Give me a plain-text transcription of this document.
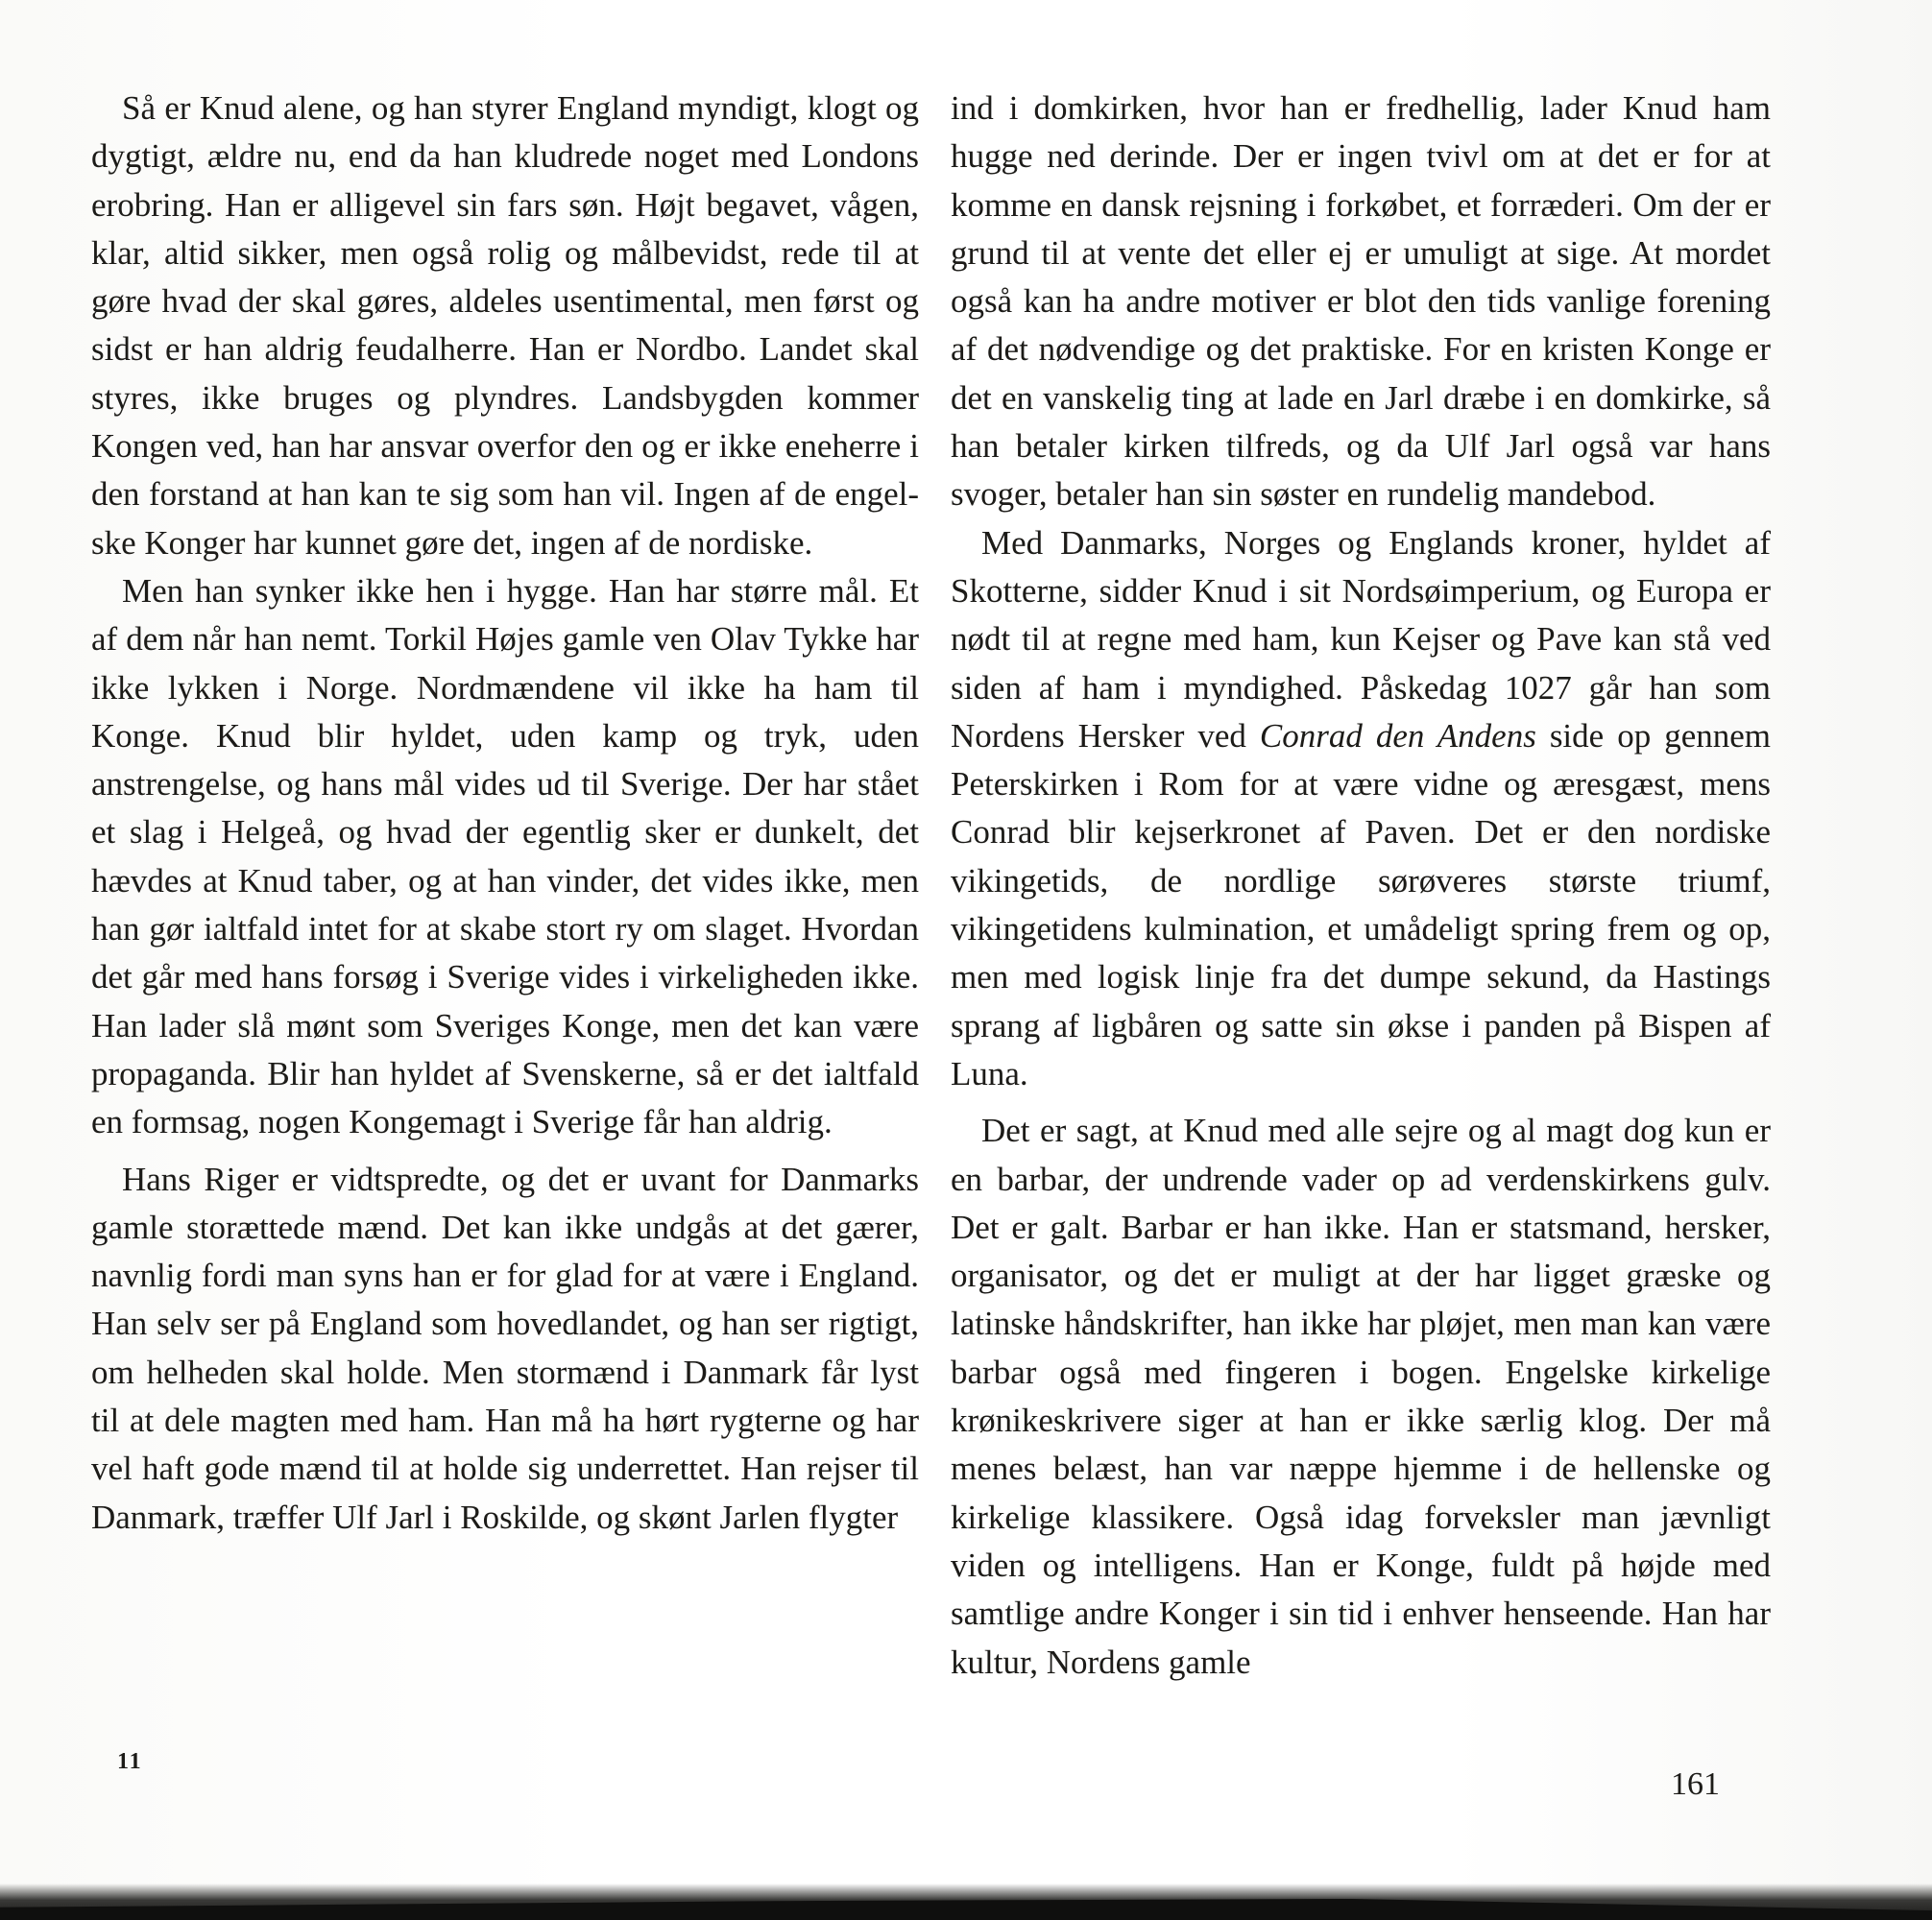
Så er Knud alene, og han styrer England myndigt, klogt og dygtigt, ældre nu, end da han kludrede noget med Londons erobring. Han er alligevel sin fars søn. Højt begavet, vågen, klar, altid sikker, men også rolig og målbevidst, rede til at gøre hvad der skal gøres, aldeles usentimental, men først og sidst er han aldrig feudalherre. Han er Nordbo. Landet skal styres, ikke bruges og plyndres. Landsbygden kommer Kongen ved, han har ansvar overfor den og er ikke eneherre i den forstand at han kan te sig som han vil. Ingen af de engelske Konger har kunnet gøre det, ingen af de nordiske.

Men han synker ikke hen i hygge. Han har større mål. Et af dem når han nemt. Torkil Højes gamle ven Olav Tykke har ikke lykken i Norge. Nordmændene vil ikke ha ham til Konge. Knud blir hyldet, uden kamp og tryk, uden anstrengelse, og hans mål vides ud til Sverige. Der har stået et slag i Helgeå, og hvad der egentlig sker er dunkelt, det hævdes at Knud taber, og at han vinder, det vides ikke, men han gør ialtfald intet for at skabe stort ry om slaget. Hvordan det går med hans forsøg i Sverige vides i virkeligheden ikke. Han lader slå mønt som Sveriges Konge, men det kan være propaganda. Blir han hyldet af Svenskerne, så er det ialtfald en formsag, nogen Kongemagt i Sverige får han aldrig.

Hans Riger er vidtspredte, og det er uvant for Danmarks gamle storættede mænd. Det kan ikke undgås at det gærer, navnlig fordi man syns han er for glad for at være i England. Han selv ser på England som hovedlandet, og han ser rigtigt, om helheden skal holde. Men stormænd i Danmark får lyst til at dele magten med ham. Han må ha hørt rygterne og har vel haft gode mænd til at holde sig underrettet. Han rejser til Danmark, træffer Ulf Jarl i Roskilde, og skønt Jarlen flygter

ind i domkirken, hvor han er fredhellig, lader Knud ham hugge ned derinde. Der er ingen tvivl om at det er for at komme en dansk rejsning i forkøbet, et forræderi. Om der er grund til at vente det eller ej er umuligt at sige. At mordet også kan ha andre motiver er blot den tids vanlige forening af det nødvendige og det praktiske. For en kristen Konge er det en vanskelig ting at lade en Jarl dræbe i en domkirke, så han betaler kirken tilfreds, og da Ulf Jarl også var hans svoger, betaler han sin søster en rundelig mandebod.

Med Danmarks, Norges og Englands kroner, hyldet af Skotterne, sidder Knud i sit Nordsøimperium, og Europa er nødt til at regne med ham, kun Kejser og Pave kan stå ved siden af ham i myndighed. Påskedag 1027 går han som Nordens Hersker ved Conrad den Andens side op gennem Peterskirken i Rom for at være vidne og æresgæst, mens Conrad blir kejserkronet af Paven. Det er den nordiske vikingetids, de nordlige sørøveres største triumf, vikingetidens kulmination, et umådeligt spring frem og op, men med logisk linje fra det dumpe sekund, da Hastings sprang af ligbåren og satte sin økse i panden på Bispen af Luna.

Det er sagt, at Knud med alle sejre og al magt dog kun er en barbar, der undrende vader op ad verdenskirkens gulv. Det er galt. Barbar er han ikke. Han er statsmand, hersker, organisator, og det er muligt at der har ligget græske og latinske håndskrifter, han ikke har pløjet, men man kan være barbar også med fingeren i bogen. Engelske kirkelige krønikeskrivere siger at han er ikke særlig klog. Der må menes belæst, han var næppe hjemme i de hellenske og kirkelige klassikere. Også idag forveksler man jævnligt viden og intelligens. Han er Konge, fuldt på højde med samtlige andre Konger i sin tid i enhver henseende. Han har kultur, Nordens gamle

11
161
